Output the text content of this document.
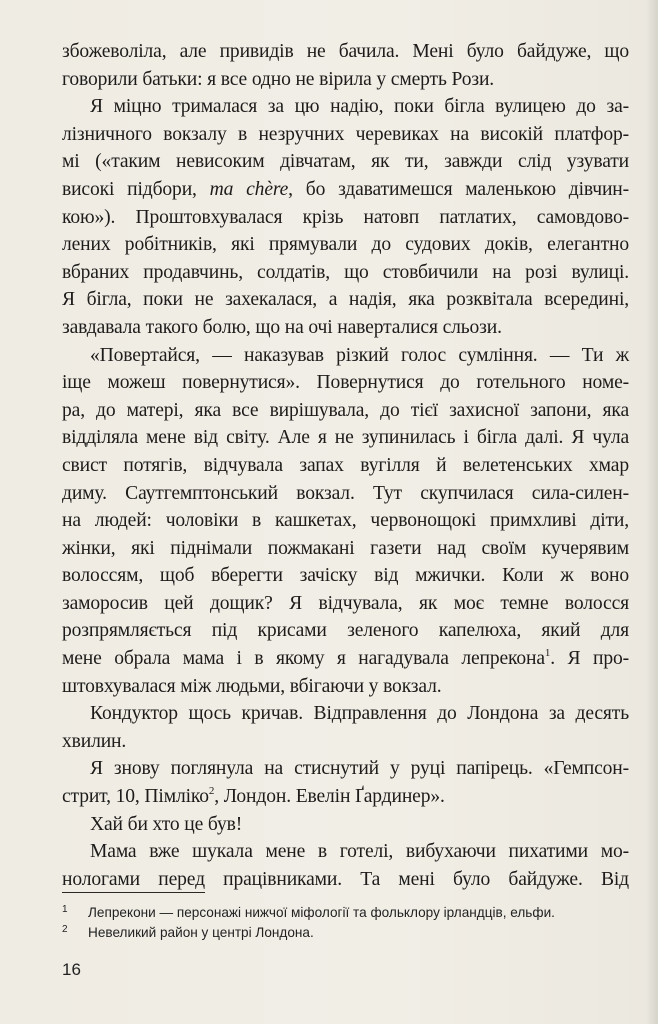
збожеволіла, але привидів не бачила. Мені було байдуже, що
говорили батьки: я все одно не вірила у смерть Рози.
Я міцно трималася за цю надію, поки бігла вулицею до за-
лізничного вокзалу в незручних черевиках на високій платфор-
мі («таким невисоким дівчатам, як ти, завжди слід узувати
високі підбори, ma chère, бо здаватимешся маленькою дівчин-
кою»). Проштовхувалася крізь натовп патлатих, самовдово-
лених робітників, які прямували до судових доків, елегантно
вбраних продавчинь, солдатів, що стовбичили на розі вулиці.
Я бігла, поки не захекалася, а надія, яка розквітала всередині,
завдавала такого болю, що на очі наверталися сльози.
«Повертайся, — наказував різкий голос сумління. — Ти ж
іще можеш повернутися». Повернутися до готельного номе-
ра, до матері, яка все вирішувала, до тієї захисної запони, яка
відділяла мене від світу. Але я не зупинилась і бігла далі. Я чула
свист потягів, відчувала запах вугілля й велетенських хмар
диму. Саутгемптонський вокзал. Тут скупчилася сила-силен-
на людей: чоловіки в кашкетах, червонощокі примхливі діти,
жінки, які піднімали пожмакані газети над своїм кучерявим
волоссям, щоб вберегти зачіску від мжички. Коли ж воно
заморосив цей дощик? Я відчувала, як моє темне волосся
розпрямляється під крисами зеленого капелюха, який для
мене обрала мама і в якому я нагадувала лепрекона$^1$. Я про-
штовхувалася між людьми, вбігаючи у вокзал.
Кондуктор щось кричав. Відправлення до Лондона за десять
хвилин.
Я знову поглянула на стиснутий у руці папірець. «Гемпсон-
стрит, 10, Пімліко$^2$, Лондон. Евелін Ґардинер».
Хай би хто це був!
Мама вже шукала мене в готелі, вибухаючи пихатими мо-
нологами перед працівниками. Та мені було байдуже. Від
1	Лепрекони — персонажі нижчої міфології та фольклору ірландців, ельфи.
2	Невеликий район у центрі Лондона.
16
